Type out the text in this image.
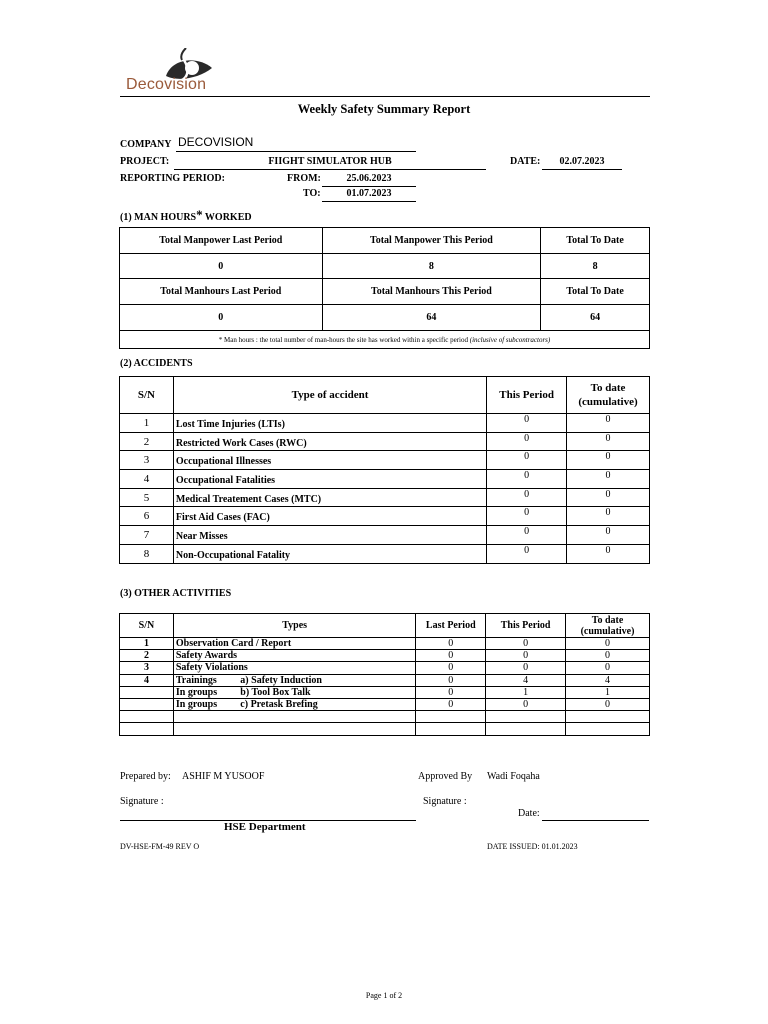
Decovision
Weekly Safety Summary Report
COMPANY DECOVISION
PROJECT:	FIIGHT SIMULATOR HUB	DATE:	02.07.2023
REPORTING PERIOD:	FROM:	25.06.2023
TO:	01.07.2023
(1) MAN HOURS* WORKED
Total Manpower Last Period	Total Manpower This Period	Total To Date
0	8	8
Total Manhours Last Period	Total Manhours This Period	Total To Date
0	64	64
* Man hours : the total number of man-hours the site has worked within a specific period (inclusive of subcontractors)		
(2) ACCIDENTS
S/N	Type of accident	This Period	To date
(cumulative)

1	Lost Time Injuries (LTIs)	0	0
2	Restricted Work Cases (RWC)	0	0
3	Occupational Illnesses	0	0
4	Occupational Fatalities	0	0
5	Medical Treatement Cases (MTC)	0	0
6	First Aid Cases (FAC)	0	0
7	Near Misses	0	0
8	Non-Occupational Fatality	0	0
(3) OTHER ACTIVITIES
S/N	Types		Last Period	This Period	To date
(cumulative)

1	Observation Card / Report		0	0	0
2	Safety Awards		0	0	0
3	Safety Violations		0	0	0
4	Trainings	a) Safety Induction	0	4	4
	In groups	b) Tool Box Talk	0	1	1
	In groups	c) Pretask Brefing	0	0	0

Prepared by: ASHIF M YUSOOF	Approved By Wadi Foqaha
Signature :	Signature :
Date:
HSE Department
DV-HSE-FM-49 REV O	DATE ISSUED: 01.01.2023
Page 1 of 2
